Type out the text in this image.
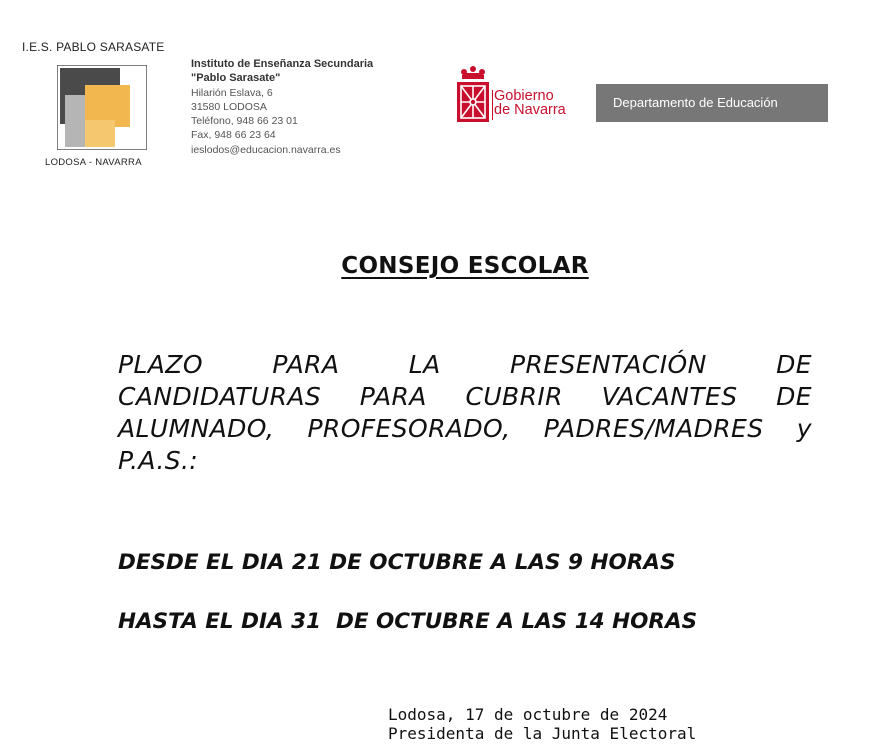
I.E.S. PABLO SARASATE
LODOSA - NAVARRA
Instituto de Enseñanza Secundaria
"Pablo Sarasate"
Hilarión Eslava, 6
31580 LODOSA
Teléfono, 948 66 23 01
Fax, 948 66 23 64
ieslodos@educacion.navarra.es
Gobierno
de Navarra	Departamento de Educación
CONSEJO ESCOLAR
PLAZO PARA LA PRESENTACIÓN DE
CANDIDATURAS PARA CUBRIR VACANTES DE
ALUMNADO, PROFESORADO, PADRES/MADRES y
P.A.S.:
DESDE EL DIA 21 DE OCTUBRE A LAS 9 HORAS
HASTA EL DIA 31  DE OCTUBRE A LAS 14 HORAS
Lodosa, 17 de octubre de 2024
Presidenta de la Junta Electoral
